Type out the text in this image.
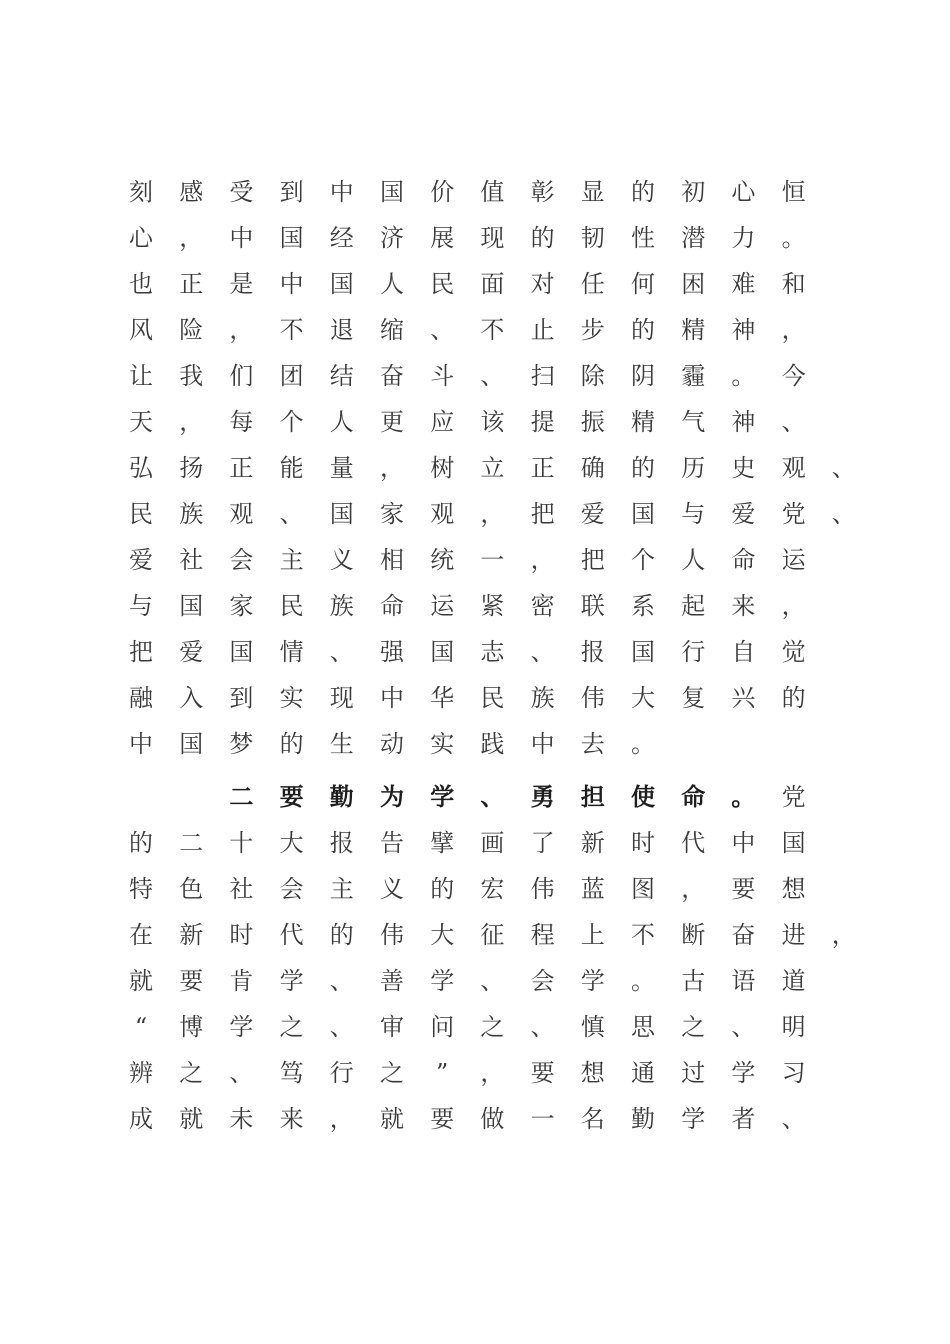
刻	感	受	到	中	国	价	值	彰	显	的	初	心	恒
心	，	中	国	经	济	展	现	的	韧	性	潜	力	。
也	正	是	中	国	人	民	面	对	任	何	困	难	和
风	险	，	不	退	缩	、	不	止	步	的	精	神	，
让	我	们	团	结	奋	斗	、	扫	除	阴	霾	。	今
天	，	每	个	人	更	应	该	提	振	精	气	神	、
弘	扬	正	能	量	，	树	立	正	确	的	历	史	观	、
民	族	观	、	国	家	观	，	把	爱	国	与	爱	党	、
爱	社	会	主	义	相	统	一	，	把	个	人	命	运
与	国	家	民	族	命	运	紧	密	联	系	起	来	，
把	爱	国	情	、	强	国	志	、	报	国	行	自	觉
融	入	到	实	现	中	华	民	族	伟	大	复	兴	的
中	国	梦	的	生	动	实	践	中	去	。
二	要	勤	为	学	、	勇	担	使	命	。	党
的	二	十	大	报	告	擘	画	了	新	时	代	中	国
特	色	社	会	主	义	的	宏	伟	蓝	图	，	要	想
在	新	时	代	的	伟	大	征	程	上	不	断	奋	进	，
就	要	肯	学	、	善	学	、	会	学	。	古	语	道
“	博	学	之	、	审	问	之	、	慎	思	之	、	明
辨	之	、	笃	行	之	”	，	要	想	通	过	学	习
成	就	未	来	，	就	要	做	一	名	勤	学	者	、
